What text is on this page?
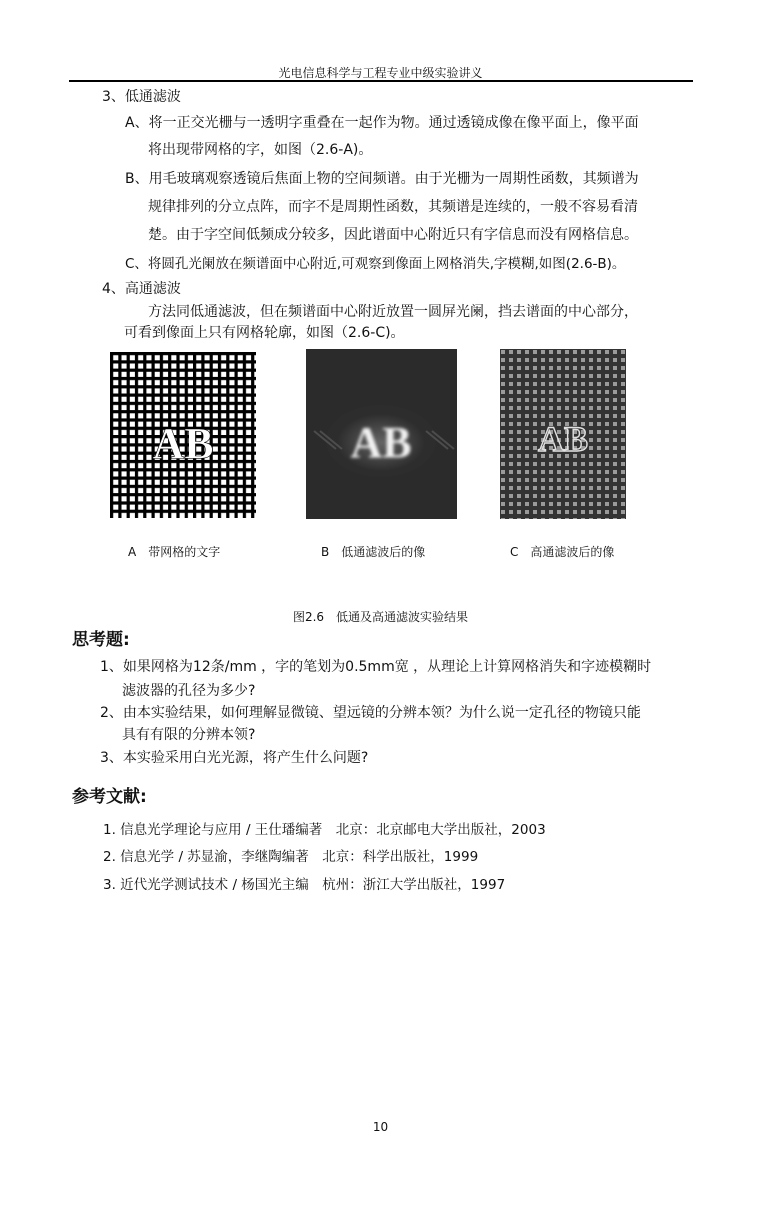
光电信息科学与工程专业中级实验讲义
3、低通滤波
A、将一正交光栅与一透明字重叠在一起作为物。通过透镜成像在像平面上，像平面
将出现带网格的字，如图（2.6-A)。
B、用毛玻璃观察透镜后焦面上物的空间频谱。由于光栅为一周期性函数，其频谱为
规律排列的分立点阵，而字不是周期性函数，其频谱是连续的，一般不容易看清
楚。由于字空间低频成分较多，因此谱面中心附近只有字信息而没有网格信息。
C、将圆孔光阑放在频谱面中心附近,可观察到像面上网格消失,字模糊,如图(2.6-B)。
4、高通滤波
方法同低通滤波，但在频谱面中心附近放置一圆屏光阑，挡去谱面的中心部分，
可看到像面上只有网格轮廓，如图（2.6-C)。
AB	AB	AB
A　带网格的文字	B　低通滤波后的像	C　高通滤波后的像
图2.6　低通及高通滤波实验结果
思考题:
1、如果网格为12条/mm ，字的笔划为0.5mm宽 ，从理论上计算网格消失和字迹模糊时
滤波器的孔径为多少?
2、由本实验结果，如何理解显微镜、望远镜的分辨本领？为什么说一定孔径的物镜只能
具有有限的分辨本领?
3、本实验采用白光光源，将产生什么问题?
参考文献:
1. 信息光学理论与应用 / 王仕璠编著　北京：北京邮电大学出版社，2003
2. 信息光学 / 苏显渝，李继陶编著　北京：科学出版社，1999
3. 近代光学测试技术 / 杨国光主编　杭州：浙江大学出版社，1997
10
